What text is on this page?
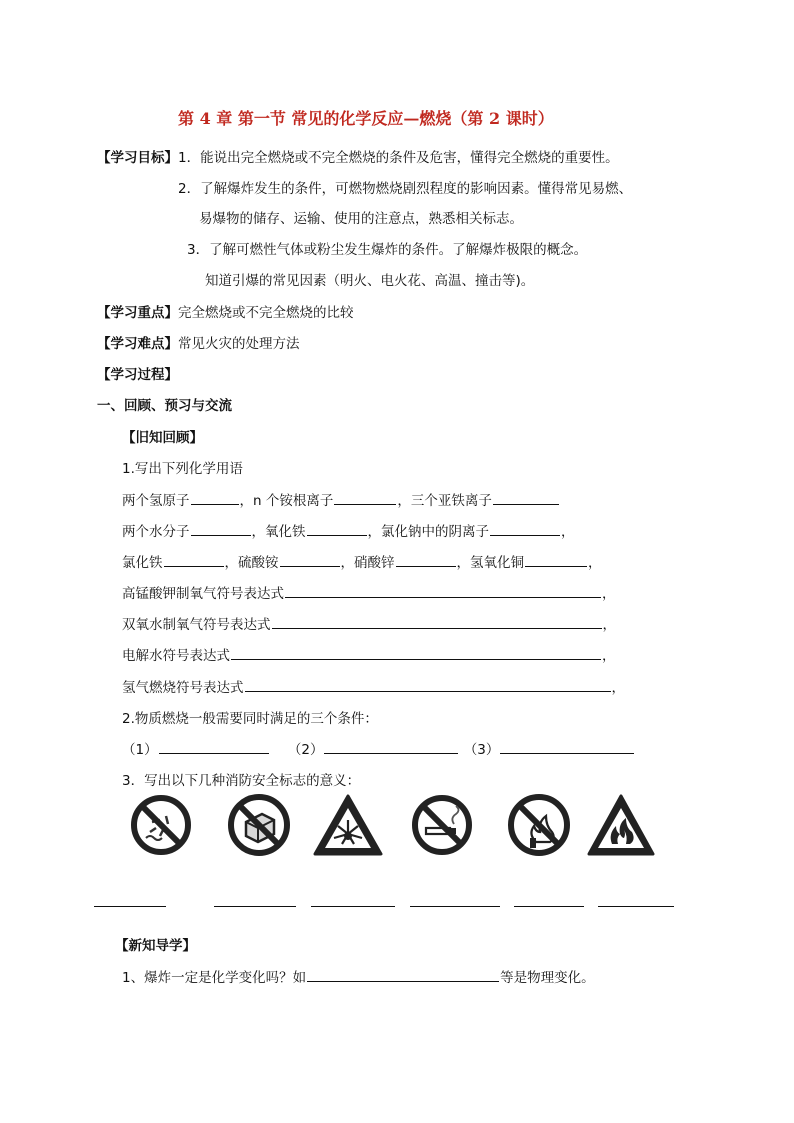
第 4 章 第一节 常见的化学反应—燃烧（第 2 课时）
【学习目标】1．能说出完全燃烧或不完全燃烧的条件及危害，懂得完全燃烧的重要性。
2．了解爆炸发生的条件，可燃物燃烧剧烈程度的影响因素。懂得常见易燃、
易爆物的储存、运输、使用的注意点，熟悉相关标志。
3．了解可燃性气体或粉尘发生爆炸的条件。了解爆炸极限的概念。
知道引爆的常见因素（明火、电火花、高温、撞击等)。
【学习重点】完全燃烧或不完全燃烧的比较
【学习难点】常见火灾的处理方法
【学习过程】
一、回顾、预习与交流
【旧知回顾】
1.写出下列化学用语
两个氢原子	，n 个铵根离子	，三个亚铁离子
两个水分子	，氧化铁	，氯化钠中的阴离子	，
氯化铁	，硫酸铵	，硝酸锌	，氢氧化铜	，
高锰酸钾制氧气符号表达式	，
双氧水制氧气符号表达式	，
电解水符号表达式	，
氢气燃烧符号表达式	，
2.物质燃烧一般需要同时满足的三个条件：
（1）	（2）	（3）
3．写出以下几种消防安全标志的意义：
【新知导学】
1、爆炸一定是化学变化吗？如	等是物理变化。
